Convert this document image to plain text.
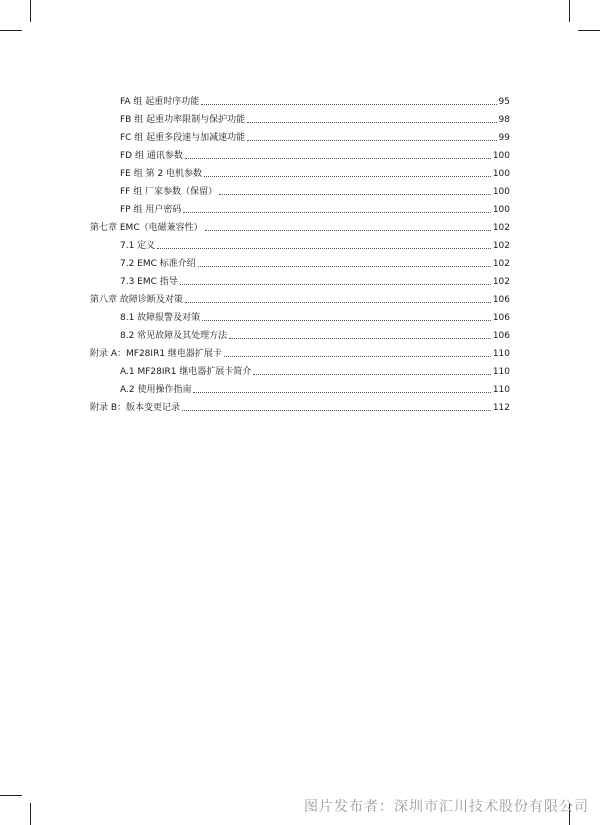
FA 组 起重时序功能	95
FB 组 起重功率限制与保护功能	98
FC 组 起重多段速与加减速功能	99
FD 组 通讯参数	100
FE 组 第 2 电机参数	100
FF 组 厂家参数（保留）	100
FP 组 用户密码	100
第七章 EMC（电磁兼容性）	102
7.1 定义	102
7.2 EMC 标准介绍	102
7.3 EMC 指导	102
第八章 故障诊断及对策	106
8.1 故障报警及对策	106
8.2 常见故障及其处理方法	106
附录 A：MF28IR1 继电器扩展卡	110
A.1 MF28IR1 继电器扩展卡简介	110
A.2 使用操作指南	110
附录 B：版本变更记录	112
图片发布者：深圳市汇川技术股份有限公司
